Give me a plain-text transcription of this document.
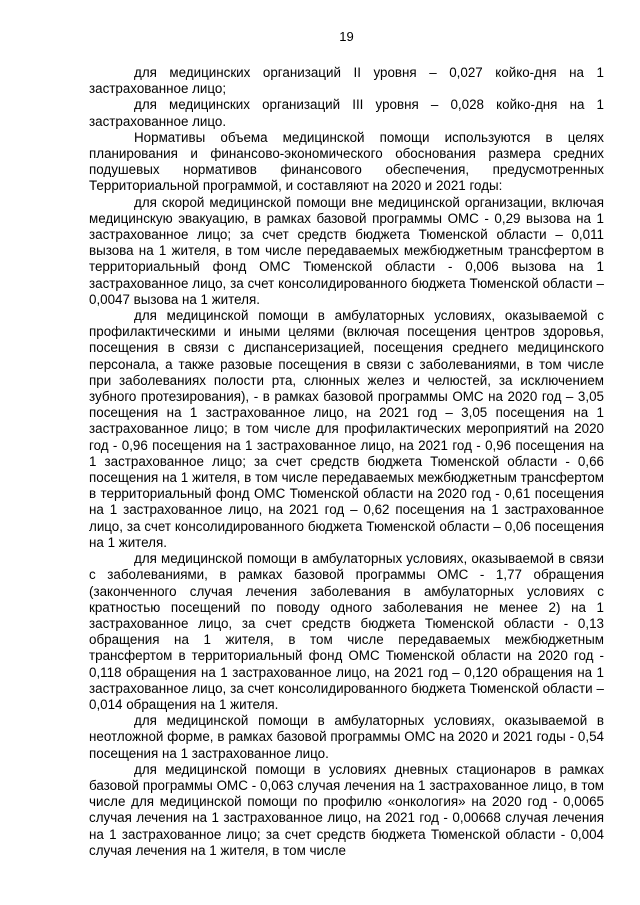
19

для медицинских организаций II уровня – 0,027 койко-дня на 1 застрахованное лицо;

для медицинских организаций III уровня – 0,028 койко-дня на 1 застрахованное лицо.

Нормативы объема медицинской помощи используются в целях планирования и финансово-экономического обоснования размера средних подушевых нормативов финансового обеспечения, предусмотренных Территориальной программой, и составляют на 2020 и 2021 годы:

для скорой медицинской помощи вне медицинской организации, включая медицинскую эвакуацию, в рамках базовой программы ОМС - 0,29 вызова на 1 застрахованное лицо; за счет средств бюджета Тюменской области – 0,011 вызова на 1 жителя, в том числе передаваемых межбюджетным трансфертом в территориальный фонд ОМС Тюменской области - 0,006 вызова на 1 застрахованное лицо, за счет консолидированного бюджета Тюменской области – 0,0047 вызова на 1 жителя.

для медицинской помощи в амбулаторных условиях, оказываемой с профилактическими и иными целями (включая посещения центров здоровья, посещения в связи с диспансеризацией, посещения среднего медицинского персонала, а также разовые посещения в связи с заболеваниями, в том числе при заболеваниях полости рта, слюнных желез и челюстей, за исключением зубного протезирования), - в рамках базовой программы ОМС на 2020 год – 3,05 посещения на 1 застрахованное лицо, на 2021 год – 3,05 посещения на 1 застрахованное лицо; в том числе для профилактических мероприятий на 2020 год - 0,96 посещения на 1 застрахованное лицо, на 2021 год - 0,96 посещения на 1 застрахованное лицо; за счет средств бюджета Тюменской области - 0,66 посещения на 1 жителя, в том числе передаваемых межбюджетным трансфертом в территориальный фонд ОМС Тюменской области на 2020 год - 0,61 посещения на 1 застрахованное лицо, на 2021 год – 0,62 посещения на 1 застрахованное лицо, за счет консолидированного бюджета Тюменской области – 0,06 посещения на 1 жителя.

для медицинской помощи в амбулаторных условиях, оказываемой в связи с заболеваниями, в рамках базовой программы ОМС - 1,77 обращения (законченного случая лечения заболевания в амбулаторных условиях с кратностью посещений по поводу одного заболевания не менее 2) на 1 застрахованное лицо, за счет средств бюджета Тюменской области - 0,13 обращения на 1 жителя, в том числе передаваемых межбюджетным трансфертом в территориальный фонд ОМС Тюменской области на 2020 год - 0,118 обращения на 1 застрахованное лицо, на 2021 год – 0,120 обращения на 1 застрахованное лицо, за счет консолидированного бюджета Тюменской области – 0,014 обращения на 1 жителя.

для медицинской помощи в амбулаторных условиях, оказываемой в неотложной форме, в рамках базовой программы ОМС на 2020 и 2021 годы - 0,54 посещения на 1 застрахованное лицо.

для медицинской помощи в условиях дневных стационаров в рамках базовой программы ОМС - 0,063 случая лечения на 1 застрахованное лицо, в том числе для медицинской помощи по профилю «онкология» на 2020 год - 0,0065 случая лечения на 1 застрахованное лицо, на 2021 год - 0,00668 случая лечения на 1 застрахованное лицо; за счет средств бюджета Тюменской области - 0,004 случая лечения на 1 жителя, в том числе
